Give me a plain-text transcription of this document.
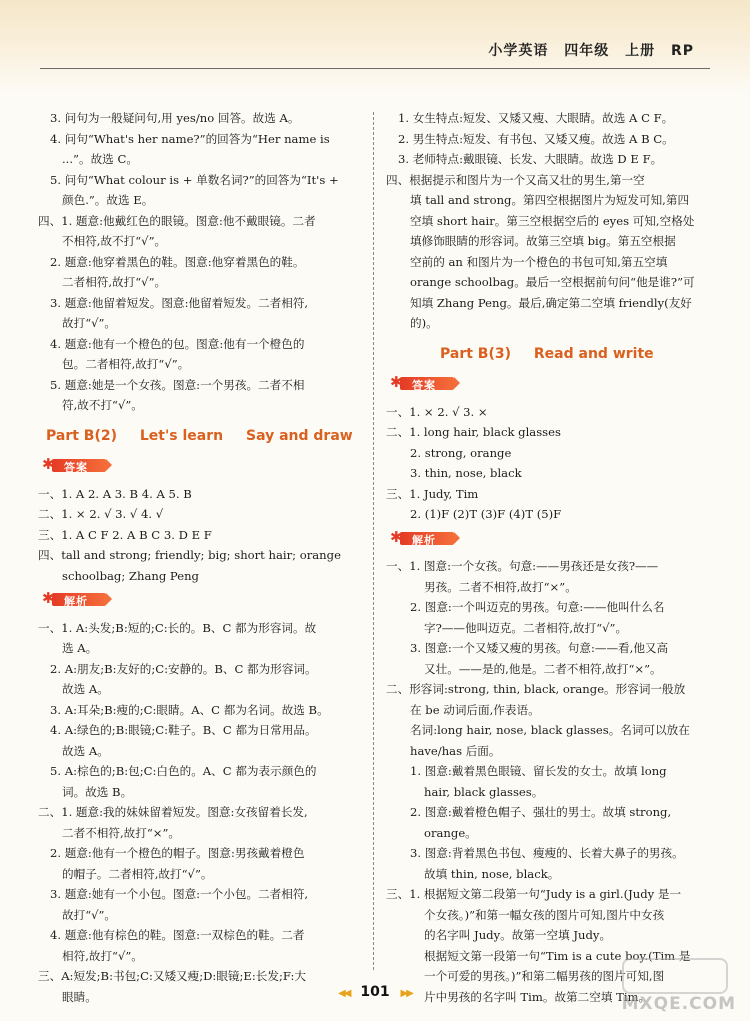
小学英语 四年级 上册 RP
3. 问句为一般疑问句,用 yes/no 回答。故选 A。
4. 问句“What's her name?”的回答为“Her name is
...”。故选 C。
5. 问句“What colour is + 单数名词?”的回答为“It's +
颜色.”。故选 E。
四、1. 题意:他戴红色的眼镜。图意:他不戴眼镜。二者
不相符,故不打“√”。
2. 题意:他穿着黑色的鞋。图意:他穿着黑色的鞋。
二者相符,故打“√”。
3. 题意:他留着短发。图意:他留着短发。二者相符,
故打“√”。
4. 题意:他有一个橙色的包。图意:他有一个橙色的
包。二者相符,故打“√”。
5. 题意:她是一个女孩。图意:一个男孩。二者不相
符,故不打“√”。
Part B(2) Let's learn Say and draw
✱ 答案
一、1. A 2. A 3. B 4. A 5. B
二、1. × 2. √ 3. √ 4. √
三、1. A C F 2. A B C 3. D E F
四、tall and strong; friendly; big; short hair; orange
schoolbag; Zhang Peng
✱ 解析
一、1. A:头发;B:短的;C:长的。B、C 都为形容词。故
选 A。
2. A:朋友;B:友好的;C:安静的。B、C 都为形容词。
故选 A。
3. A:耳朵;B:瘦的;C:眼睛。A、C 都为名词。故选 B。
4. A:绿色的;B:眼镜;C:鞋子。B、C 都为日常用品。
故选 A。
5. A:棕色的;B:包;C:白色的。A、C 都为表示颜色的
词。故选 B。
二、1. 题意:我的妹妹留着短发。图意:女孩留着长发,
二者不相符,故打“×”。
2. 题意:他有一个橙色的帽子。图意:男孩戴着橙色
的帽子。二者相符,故打“√”。
3. 题意:她有一个小包。图意:一个小包。二者相符,
故打“√”。
4. 题意:他有棕色的鞋。图意:一双棕色的鞋。二者
相符,故打“√”。
三、A:短发;B:书包;C:又矮又瘦;D:眼镜;E:长发;F:大
眼睛。
1. 女生特点:短发、又矮又瘦、大眼睛。故选 A C F。
2. 男生特点:短发、有书包、又矮又瘦。故选 A B C。
3. 老师特点:戴眼镜、长发、大眼睛。故选 D E F。
四、根据提示和图片为一个又高又壮的男生,第一空
填 tall and strong。第四空根据图片为短发可知,第四
空填 short hair。第三空根据空后的 eyes 可知,空格处
填修饰眼睛的形容词。故第三空填 big。第五空根据
空前的 an 和图片为一个橙色的书包可知,第五空填
orange schoolbag。最后一空根据前句问“他是谁?”可
知填 Zhang Peng。最后,确定第二空填 friendly(友好
的)。
Part B(3) Read and write
✱ 答案
一、1. × 2. √ 3. ×
二、1. long hair, black glasses
2. strong, orange
3. thin, nose, black
三、1. Judy, Tim
2. (1)F (2)T (3)F (4)T (5)F
✱ 解析
一、1. 图意:一个女孩。句意:——男孩还是女孩?——
男孩。二者不相符,故打“×”。
2. 图意:一个叫迈克的男孩。句意:——他叫什么名
字?——他叫迈克。二者相符,故打“√”。
3. 图意:一个又矮又瘦的男孩。句意:——看,他又高
又壮。——是的,他是。二者不相符,故打“×”。
二、形容词:strong, thin, black, orange。形容词一般放
在 be 动词后面,作表语。
名词:long hair, nose, black glasses。名词可以放在
have/has 后面。
1. 图意:戴着黑色眼镜、留长发的女士。故填 long
hair, black glasses。
2. 图意:戴着橙色帽子、强壮的男士。故填 strong,
orange。
3. 图意:背着黑色书包、瘦瘦的、长着大鼻子的男孩。
故填 thin, nose, black。
三、1. 根据短文第二段第一句“Judy is a girl.(Judy 是一
个女孩。)”和第一幅女孩的图片可知,图片中女孩
的名字叫 Judy。故第一空填 Judy。
根据短文第一段第一句“Tim is a cute boy.(Tim 是
一个可爱的男孩。)”和第二幅男孩的图片可知,图
片中男孩的名字叫 Tim。故第二空填 Tim。
◀◀ 101 ▶▶
MXQE.COM
